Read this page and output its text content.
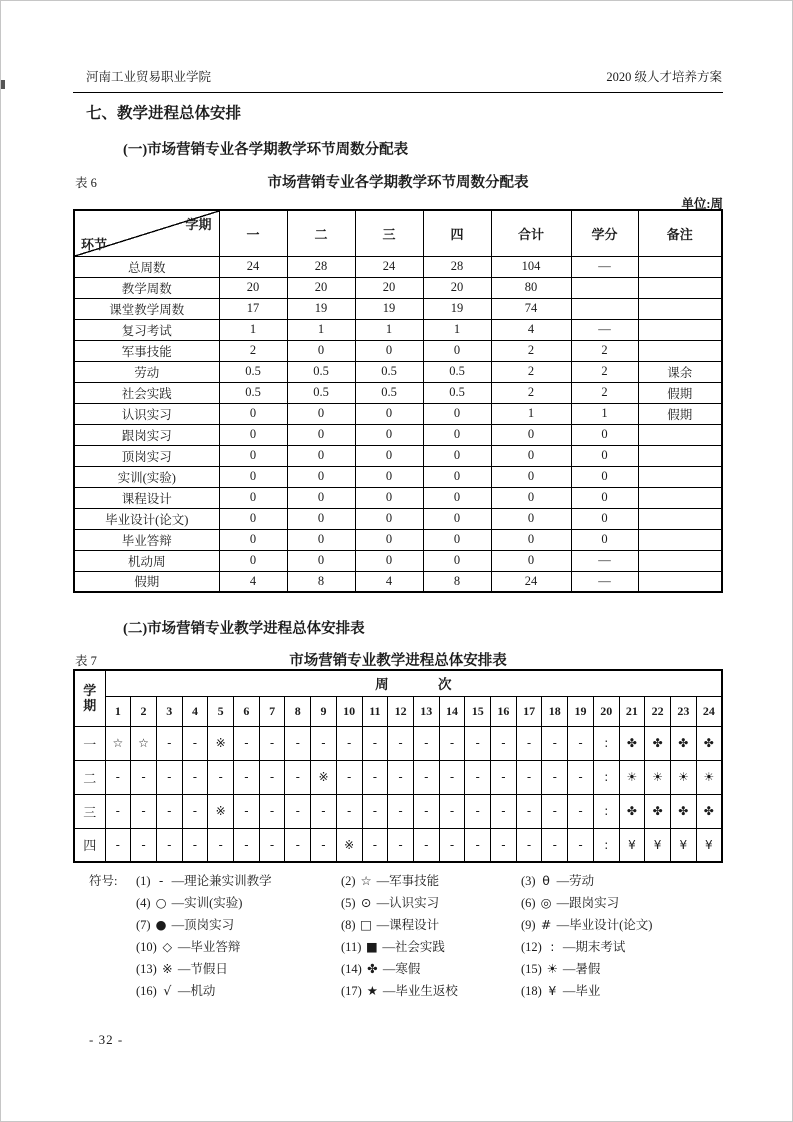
河南工业贸易职业学院	2020 级人才培养方案
七、教学进程总体安排
(一)市场营销专业各学期教学环节周数分配表
表 6	市场营销专业各学期教学环节周数分配表
单位:周
学期
环节	一	二	三	四	合计	学分	备注
总周数	24	28	24	28	104	—	
教学周数	20	20	20	20	80		
课堂教学周数	17	19	19	19	74		
复习考试	1	1	1	1	4	—	
军事技能	2	0	0	0	2	2	
劳动	0.5	0.5	0.5	0.5	2	2	课余
社会实践	0.5	0.5	0.5	0.5	2	2	假期
认识实习	0	0	0	0	1	1	假期
跟岗实习	0	0	0	0	0	0	
顶岗实习	0	0	0	0	0	0	
实训(实验)	0	0	0	0	0	0	
课程设计	0	0	0	0	0	0	
毕业设计(论文)	0	0	0	0	0	0	
毕业答辩	0	0	0	0	0	0	
机动周	0	0	0	0	0	—	
假期	4	8	4	8	24	—	
(二)市场营销专业教学进程总体安排表
表 7	市场营销专业教学进程总体安排表
学
期	周 次																							
	1	2	3	4	5	6	7	8	9	10	11	12	13	14	15	16	17	18	19	20	21	22	23	24
一	☆	☆	-	-	※	-	-	-	-	-	-	-	-	-	-	-	-	-	-	:	✤	✤	✤	✤
二	-	-	-	-	-	-	-	-	※	-	-	-	-	-	-	-	-	-	-	:	☀	☀	☀	☀
三	-	-	-	-	※	-	-	-	-	-	-	-	-	-	-	-	-	-	-	:	✤	✤	✤	✤
四	-	-	-	-	-	-	-	-	-	※	-	-	-	-	-	-	-	-	-	:	¥	¥	¥	¥
符号:	(1) - —理论兼实训教学	(2) ☆ —军事技能	(3) θ —劳动
(4) ○ —实训(实验)	(5) ⊙ —认识实习	(6) ◎ —跟岗实习
(7) ● —顶岗实习	(8) □ —课程设计	(9) # —毕业设计(论文)
(10) ◇ —毕业答辩	(11) ■ —社会实践	(12) : —期末考试
(13) ※ —节假日	(14) ✤ —寒假	(15) ☀ —暑假
(16) √ —机动	(17) ★ —毕业生返校	(18) ¥ —毕业
- 32 -
